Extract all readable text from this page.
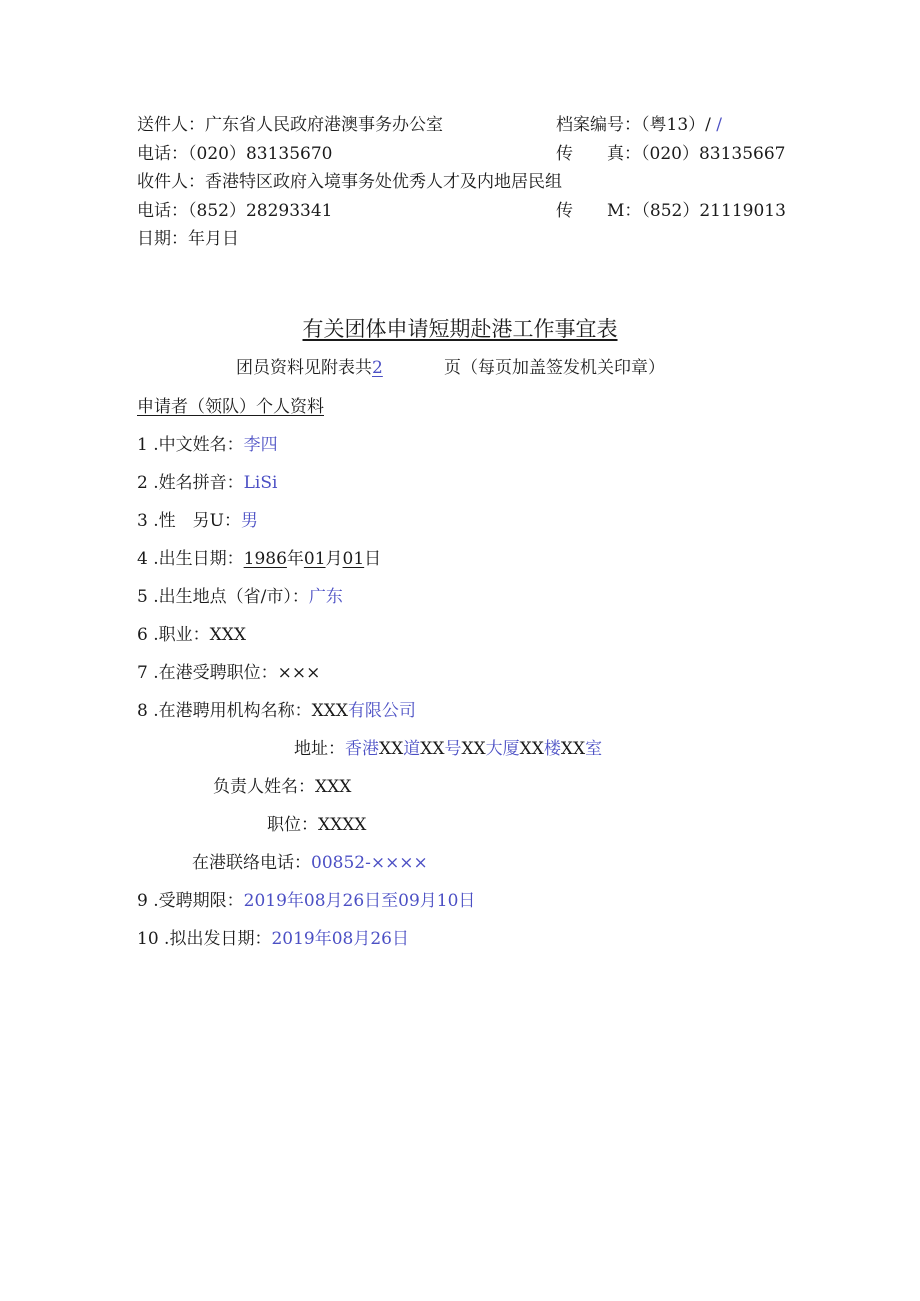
送件人：广东省人民政府港澳事务办公室	档案编号：（粤13）/ /
电话：（020）83135670	传　　真：（020）83135667
收件人：香港特区政府入境事务处优秀人才及内地居民组
电话：（852）28293341	传　　M：（852）21119013
日期：年月日
有关团体申请短期赴港工作事宜表
团员资料见附表共2	页（每页加盖签发机关印章）
申请者（领队）个人资料
1 .中文姓名：李四
2 .姓名拼音：LiSi
3 .性　另U：男
4 .出生日期：1986年01月01日
5 .出生地点（省/市）：广东
6 .职业：XXX
7 .在港受聘职位：×××
8 .在港聘用机构名称：XXX有限公司
地址：香港XX道XX号XX大厦XX楼XX室
负责人姓名：XXX
职位：XXXX
在港联络电话：00852-××××
9 .受聘期限：2019年08月26日至09月10日
10 .拟出发日期：2019年08月26日
